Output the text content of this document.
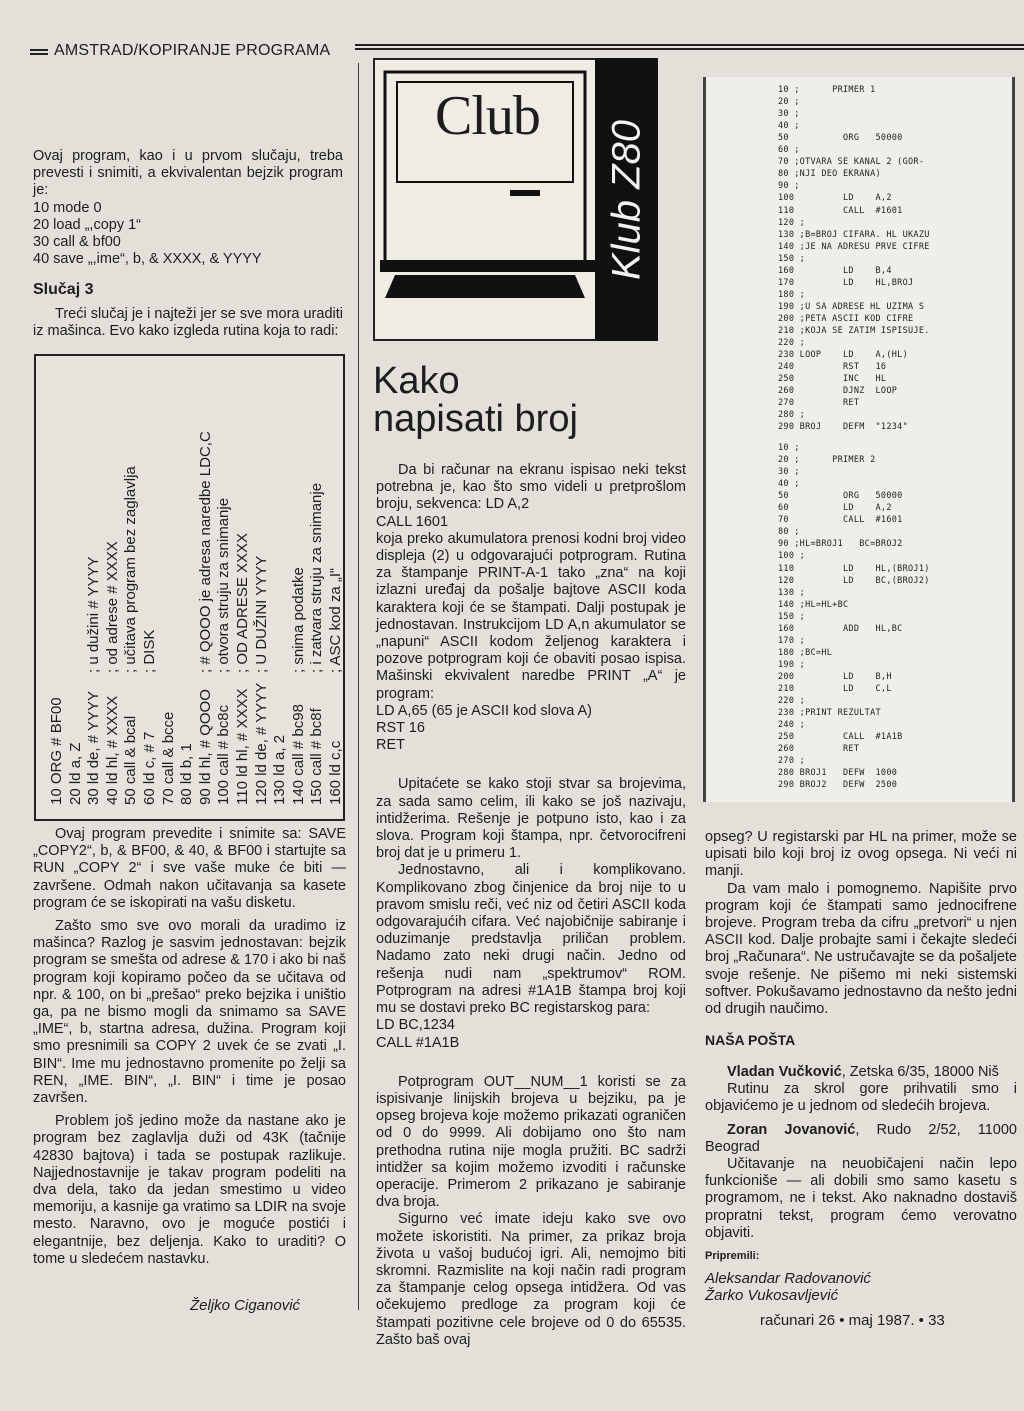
AMSTRAD/KOPIRANJE PROGRAMA

Ovaj program, kao i u prvom slučaju, treba prevesti i snimiti, a ekvivalentan bejzik program je:

10 mode 0
20 load „,copy 1“
30 call & bf00
40 save „,ime“, b, & XXXX, & YYYY
Slučaj 3

Treći slučaj je i najteži jer se sve mora uraditi iz mašinca. Evo kako izgleda rutina koja to radi:

10 ORG # BF00 20 ld a, Z 30 ld de, # YYYY
; u dužini # YYYY
40 ld hl, # XXXX
; od adrese # XXXX
50 call & bcal
; učitava program bez zaglavlja
60 ld c, # 7
; DISK
70 call & bcce 80 ld b, 1 90 ld hl, # QOOO
; # QOOO je adresa naredbe LDC,C
100 call # bc8c
; otvora struju za snimanje
110 ld hl, # XXXX
; OD ADRESE XXXX
120 ld de, # YYYY
; U DUŽINI YYYY
130 ld a, 2 140 call # bc98
; snima podatke
150 call # bc8f
; i zatvara struju za snimanje
160 ld c,c
; ASC kod za „I“

Ovaj program prevedite i snimite sa: SAVE „COPY2“, b, & BF00, & 40, & BF00 i startujte sa RUN „COPY 2“ i sve vaše muke će biti — završene. Odmah nakon učitavanja sa kasete program će se iskopirati na vašu disketu.

Zašto smo sve ovo morali da uradimo iz mašinca? Razlog je sasvim jednostavan: bejzik program se smešta od adrese & 170 i ako bi naš program koji kopiramo počeo da se učitava od npr. & 100, on bi „prešao“ preko bejzika i uništio ga, pa ne bismo mogli da snimamo sa SAVE „IME“, b, startna adresa, dužina. Program koji smo presnimili sa COPY 2 uvek će se zvati „I. BIN“. Ime mu jednostavno promenite po želji sa REN, „IME. BIN“, „I. BIN“ i time je posao završen.

Problem još jedino može da nastane ako je program bez zaglavlja duži od 43K (tačnije 42830 bajtova) i tada se postupak razlikuje. Najjednostavnije je takav program podeliti na dva dela, tako da jedan smestimo u video memoriju, a kasnije ga vratimo sa LDIR na svoje mesto. Naravno, ovo je moguće postići i elegantnije, bez deljenja. Kako to uraditi? O tome u sledećem nastavku.

Željko Ciganović
Club
Klub Z80
Kako
napisati broj

Da bi računar na ekranu ispisao neki tekst potrebna je, kao što smo videli u pretprošlom broju, sekvenca: LD A,2

CALL 1601

koja preko akumulatora prenosi kodni broj video displeja (2) u odgovarajući potprogram. Rutina za štampanje PRINT-A-1 tako „zna“ na koji izlazni uređaj da pošalje bajtove ASCII koda karaktera koji će se štampati. Dalji postupak je jednostavan. Instrukcijom LD A,n akumulator se „napuni“ ASCII kodom željenog karaktera i pozove potprogram koji će obaviti posao ispisa. Mašinski ekvivalent naredbe PRINT „A“ je program:

LD A,65 (65 je ASCII kod slova A)
RST 16
RET

Upitaćete se kako stoji stvar sa brojevima, za sada samo celim, ili kako se još nazivaju, intidžerima. Rešenje je potpuno isto, kao i za slova. Program koji štampa, npr. četvorocifreni broj dat je u primeru 1.

Jednostavno, ali i komplikovano. Komplikovano zbog činjenice da broj nije to u pravom smislu reči, već niz od četiri ASCII koda odgovarajućih cifara. Već najobičnije sabiranje i oduzimanje predstavlja priličan problem. Nadamo zato neki drugi način. Jedno od rešenja nudi nam „spektrumov“ ROM. Potprogram na adresi #1A1B štampa broj koji mu se dostavi preko BC registarskog para:

LD BC,1234
CALL #1A1B

Potprogram OUT__NUM__1 koristi se za ispisivanje linijskih brojeva u bejziku, pa je opseg brojeva koje možemo prikazati ograničen od 0 do 9999. Ali dobijamo ono što nam prethodna rutina nije mogla pružiti. BC sadrži intidžer sa kojim možemo izvoditi i računske operacije. Primerom 2 prikazano je sabiranje dva broja.

Sigurno već imate ideju kako sve ovo možete iskoristiti. Na primer, za prikaz broja života u vašoj budućoj igri. Ali, nemojmo biti skromni. Razmislite na koji način radi program za štampanje celog opsega intidžera. Od vas očekujemo predloge za program koji će štampati pozitivne cele brojeve od 0 do 65535. Zašto baš ovaj

10 ;      PRIMER 1
20 ;
30 ;
40 ;
50          ORG   50000
60 ;
70 ;OTVARA SE KANAL 2 (GOR-
80 ;NJI DEO EKRANA)
90 ;
100         LD    A,2
110         CALL  #1601
120 ;
130 ;B=BROJ CIFARA. HL UKAZU
140 ;JE NA ADRESU PRVE CIFRE
150 ;
160         LD    B,4
170         LD    HL,BROJ
180 ;
190 ;U SA ADRESE HL UZIMA S
200 ;PETA ASCII KOD CIFRE
210 ;KOJA SE ZATIM ISPISUJE.
220 ;
230 LOOP    LD    A,(HL)
240         RST   16
250         INC   HL
260         DJNZ  LOOP
270         RET
280 ;
290 BROJ    DEFM  "1234"
10 ;
20 ;      PRIMER 2
30 ;
40 ;
50          ORG   50000
60          LD    A,2
70          CALL  #1601
80 ;
90 ;HL=BROJ1   BC=BROJ2
100 ;
110         LD    HL,(BROJ1)
120         LD    BC,(BROJ2)
130 ;
140 ;HL=HL+BC
150 ;
160         ADD   HL,BC
170 ;
180 ;BC=HL
190 ;
200         LD    B,H
210         LD    C,L
220 ;
230 ;PRINT REZULTAT
240 ;
250         CALL  #1A1B
260         RET
270 ;
280 BROJ1   DEFW  1000
290 BROJ2   DEFW  2500

opseg? U registarski par HL na primer, može se upisati bilo koji broj iz ovog opsega. Ni veći ni manji.

Da vam malo i pomognemo. Napišite prvo program koji će štampati samo jednocifrene brojeve. Program treba da cifru „pretvori“ u njen ASCII kod. Dalje probajte sami i čekajte sledeći broj „Računara“. Ne ustručavajte se da pošaljete svoje rešenje. Ne pišemo mi neki sistemski softver. Pokušavamo jednostavno da nešto jedni od drugih naučimo.

NAŠA POŠTA

Vladan Vučković, Zetska 6/35, 18000 Niš

Rutinu za skrol gore prihvatili smo i objavićemo je u jednom od sledećih brojeva.

Zoran Jovanović, Rudo 2/52, 11000 Beograd

Učitavanje na neuobičajeni način lepo funkcioniše — ali dobili smo samo kasetu s programom, ne i tekst. Ako naknadno dostaviš propratni tekst, program ćemo verovatno objaviti.

Pripremili:
Aleksandar Radovanović
Žarko Vukosavljević
računari 26 • maj 1987. • 33
